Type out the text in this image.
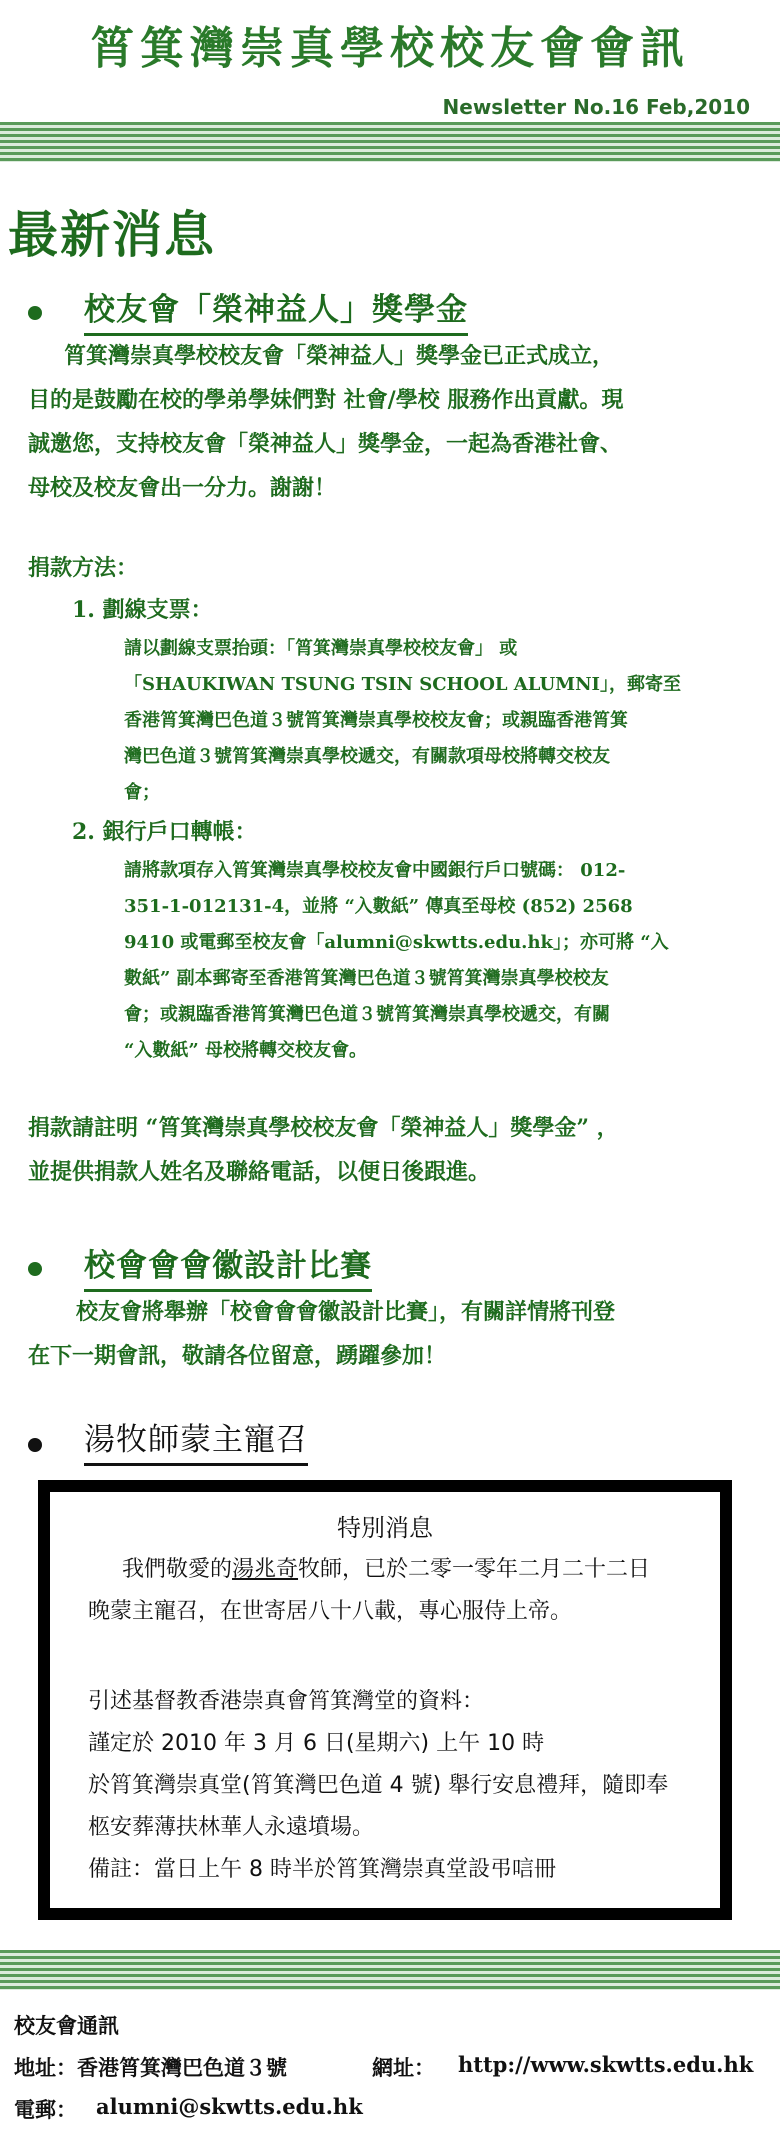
筲箕灣崇真學校校友會會訊
Newsletter No.16 Feb,2010
最新消息
校友會「榮神益人」獎學金
筲箕灣崇真學校校友會「榮神益人」獎學金已正式成立，
目的是鼓勵在校的學弟學妹們對 社會/學校 服務作出貢獻。現
誠邀您，支持校友會「榮神益人」獎學金，一起為香港社會、
母校及校友會出一分力。謝謝！
捐款方法：
1. 劃線支票：
請以劃線支票抬頭：「筲箕灣崇真學校校友會」 或
「SHAUKIWAN TSUNG TSIN SCHOOL ALUMNI」，郵寄至
香港筲箕灣巴色道３號筲箕灣崇真學校校友會；或親臨香港筲箕
灣巴色道３號筲箕灣崇真學校遞交，有關款項母校將轉交校友
會；
2. 銀行戶口轉帳：
請將款項存入筲箕灣崇真學校校友會中國銀行戶口號碼： 012-
351-1-012131-4，並將 “入數紙” 傳真至母校 (852) 2568
9410 或電郵至校友會「alumni@skwtts.edu.hk」；亦可將 “入
數紙” 副本郵寄至香港筲箕灣巴色道３號筲箕灣崇真學校校友
會；或親臨香港筲箕灣巴色道３號筲箕灣崇真學校遞交，有關
“入數紙” 母校將轉交校友會。
捐款請註明 “筲箕灣崇真學校校友會「榮神益人」獎學金” ，
並提供捐款人姓名及聯絡電話，以便日後跟進。
校會會會徽設計比賽
校友會將舉辦「校會會會徽設計比賽」，有關詳情將刊登
在下一期會訊，敬請各位留意，踴躍參加！
湯牧師蒙主寵召
特別消息
我們敬愛的湯兆奇牧師，已於二零一零年二月二十二日
晚蒙主寵召，在世寄居八十八載，專心服侍上帝。
引述基督教香港崇真會筲箕灣堂的資料：
謹定於 2010 年 3 月 6 日(星期六) 上午 10 時
於筲箕灣崇真堂(筲箕灣巴色道 4 號) 舉行安息禮拜，隨即奉
柩安葬薄扶林華人永遠墳場。
備註：當日上午 8 時半於筲箕灣崇真堂設弔唁冊
校友會通訊
地址：香港筲箕灣巴色道３號	網址： http://www.skwtts.edu.hk
電郵： alumni@skwtts.edu.hk
